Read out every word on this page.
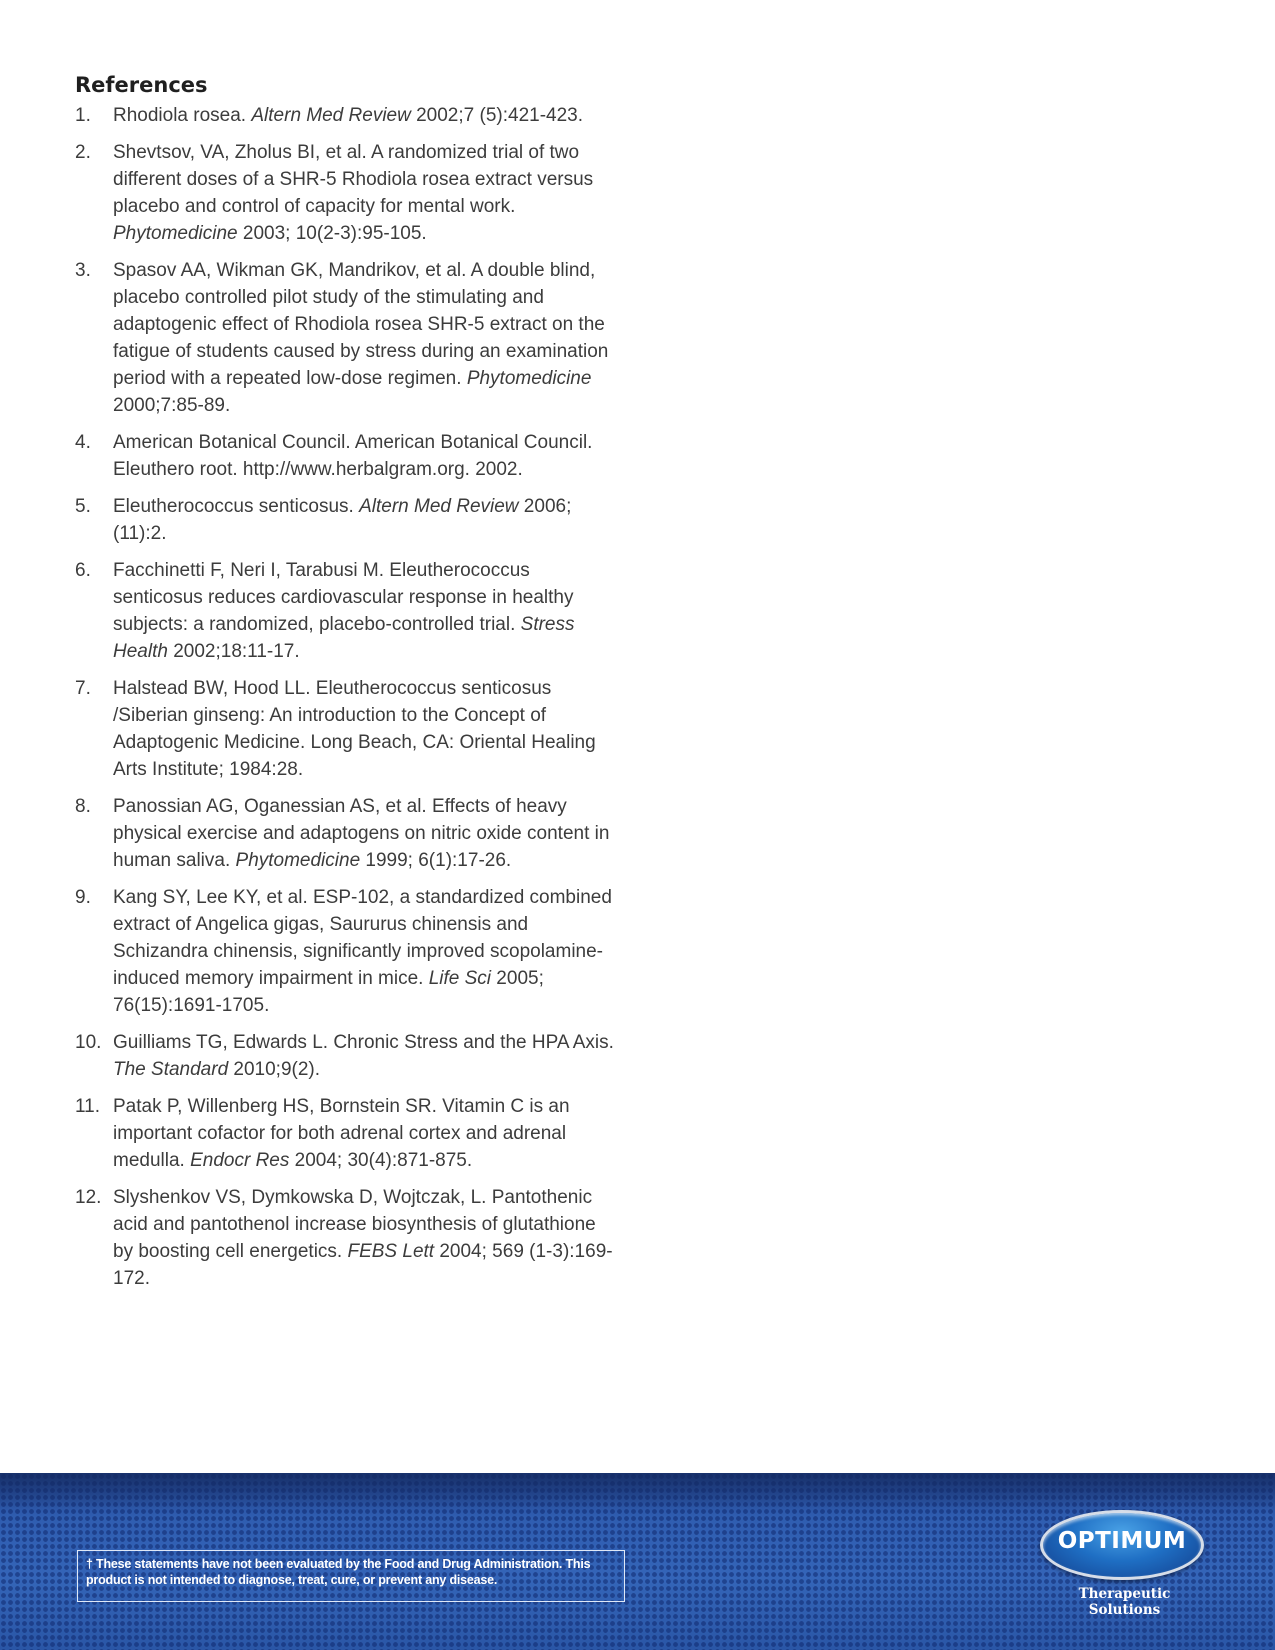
References
1. Rhodiola rosea. Altern Med Review 2002;7 (5):421-423.
2. Shevtsov, VA, Zholus BI, et al. A randomized trial of two different doses of a SHR-5 Rhodiola rosea extract versus placebo and control of capacity for mental work. Phytomedicine 2003; 10(2-3):95-105.
3. Spasov AA, Wikman GK, Mandrikov, et al. A double blind, placebo controlled pilot study of the stimulating and adaptogenic effect of Rhodiola rosea SHR-5 extract on the fatigue of students caused by stress during an examination period with a repeated low-dose regimen. Phytomedicine 2000;7:85-89.
4. American Botanical Council. American Botanical Council. Eleuthero root. http://www.herbalgram.org. 2002.
5. Eleutherococcus senticosus. Altern Med Review 2006;(11):2.
6. Facchinetti F, Neri I, Tarabusi M. Eleutherococcus senticosus reduces cardiovascular response in healthy subjects: a randomized, placebo-controlled trial. Stress Health 2002;18:11-17.
7. Halstead BW, Hood LL. Eleutherococcus senticosus /Siberian ginseng: An introduction to the Concept of Adaptogenic Medicine. Long Beach, CA: Oriental Healing Arts Institute; 1984:28.
8. Panossian AG, Oganessian AS, et al. Effects of heavy physical exercise and adaptogens on nitric oxide content in human saliva. Phytomedicine 1999; 6(1):17-26.
9. Kang SY, Lee KY, et al. ESP-102, a standardized combined extract of Angelica gigas, Saururus chinensis and Schizandra chinensis, significantly improved scopolamine-induced memory impairment in mice. Life Sci 2005; 76(15):1691-1705.
10. Guilliams TG, Edwards L. Chronic Stress and the HPA Axis. The Standard 2010;9(2).
11. Patak P, Willenberg HS, Bornstein SR. Vitamin C is an important cofactor for both adrenal cortex and adrenal medulla. Endocr Res 2004; 30(4):871-875.
12. Slyshenkov VS, Dymkowska D, Wojtczak, L. Pantothenic acid and pantothenol increase biosynthesis of glutathione by boosting cell energetics. FEBS Lett 2004; 569 (1-3):169-172.
† These statements have not been evaluated by the Food and Drug Administration. This product is not intended to diagnose, treat, cure, or prevent any disease.
OPTIMUM
Therapeutic Solutions
